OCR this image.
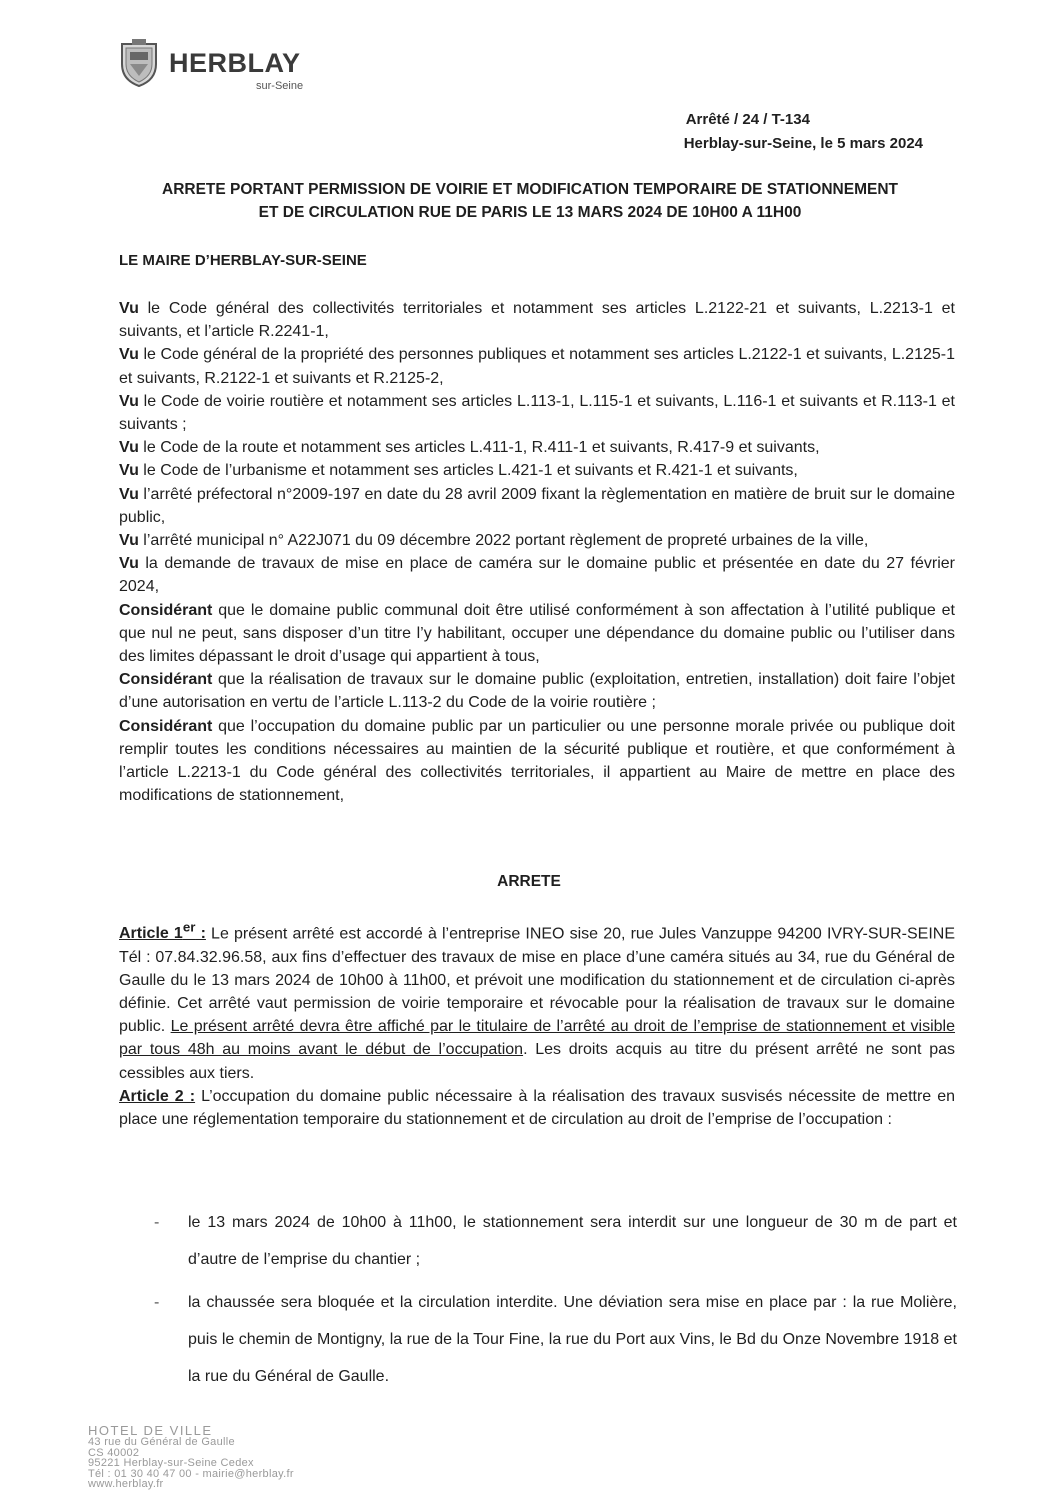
HERBLAY
sur-Seine
Arrêté / 24 / T-134
Herblay-sur-Seine, le 5 mars 2024
ARRETE PORTANT PERMISSION DE VOIRIE ET MODIFICATION TEMPORAIRE DE STATIONNEMENT
ET DE CIRCULATION RUE DE PARIS LE 13 MARS 2024 DE 10H00 A 11H00
LE MAIRE D’HERBLAY-SUR-SEINE

Vu le Code général des collectivités territoriales et notamment ses articles L.2122-21 et suivants, L.2213-1 et suivants, et l’article R.2241-1,

Vu le Code général de la propriété des personnes publiques et notamment ses articles L.2122-1 et suivants, L.2125-1 et suivants, R.2122-1 et suivants et R.2125-2,

Vu le Code de voirie routière et notamment ses articles L.113-1, L.115-1 et suivants, L.116-1 et suivants et R.113-1 et suivants ;

Vu le Code de la route et notamment ses articles L.411-1, R.411-1 et suivants, R.417-9 et suivants,

Vu le Code de l’urbanisme et notamment ses articles L.421-1 et suivants et R.421-1 et suivants,

Vu l’arrêté préfectoral n°2009-197 en date du 28 avril 2009 fixant la règlementation en matière de bruit sur le domaine public,

Vu l’arrêté municipal n° A22J071 du 09 décembre 2022 portant règlement de propreté urbaines de la ville,

Vu la demande de travaux de mise en place de caméra sur le domaine public et présentée en date du 27 février 2024,

Considérant que le domaine public communal doit être utilisé conformément à son affectation à l’utilité publique et que nul ne peut, sans disposer d’un titre l’y habilitant, occuper une dépendance du domaine public ou l’utiliser dans des limites dépassant le droit d’usage qui appartient à tous,

Considérant que la réalisation de travaux sur le domaine public (exploitation, entretien, installation) doit faire l’objet d’une autorisation en vertu de l’article L.113-2 du Code de la voirie routière ;

Considérant que l’occupation du domaine public par un particulier ou une personne morale privée ou publique doit remplir toutes les conditions nécessaires au maintien de la sécurité publique et routière, et que conformément à l’article L.2213-1 du Code général des collectivités territoriales, il appartient au Maire de mettre en place des modifications de stationnement,

ARRETE

Article 1er : Le présent arrêté est accordé à l’entreprise INEO sise 20, rue Jules Vanzuppe 94200 IVRY-SUR-SEINE Tél : 07.84.32.96.58, aux fins d’effectuer des travaux de mise en place d’une caméra situés au 34, rue du Général de Gaulle du le 13 mars 2024 de 10h00 à 11h00, et prévoit une modification du stationnement et de circulation ci-après définie. Cet arrêté vaut permission de voirie temporaire et révocable pour la réalisation de travaux sur le domaine public. Le présent arrêté devra être affiché par le titulaire de l’arrêté au droit de l’emprise de stationnement et visible par tous 48h au moins avant le début de l’occupation. Les droits acquis au titre du présent arrêté ne sont pas cessibles aux tiers.

Article 2 : L’occupation du domaine public nécessaire à la réalisation des travaux susvisés nécessite de mettre en place une réglementation temporaire du stationnement et de circulation au droit de l’emprise de l’occupation :

- le 13 mars 2024 de 10h00 à 11h00, le stationnement sera interdit sur une longueur de 30 m de part et d’autre de l’emprise du chantier ;
- la chaussée sera bloquée et la circulation interdite. Une déviation sera mise en place par : la rue Molière, puis le chemin de Montigny, la rue de la Tour Fine, la rue du Port aux Vins, le Bd du Onze Novembre 1918 et la rue du Général de Gaulle.
HOTEL DE VILLE
43 rue du Général de Gaulle
CS 40002
95221 Herblay-sur-Seine Cedex
Tél : 01 30 40 47 00 - mairie@herblay.fr
www.herblay.fr
